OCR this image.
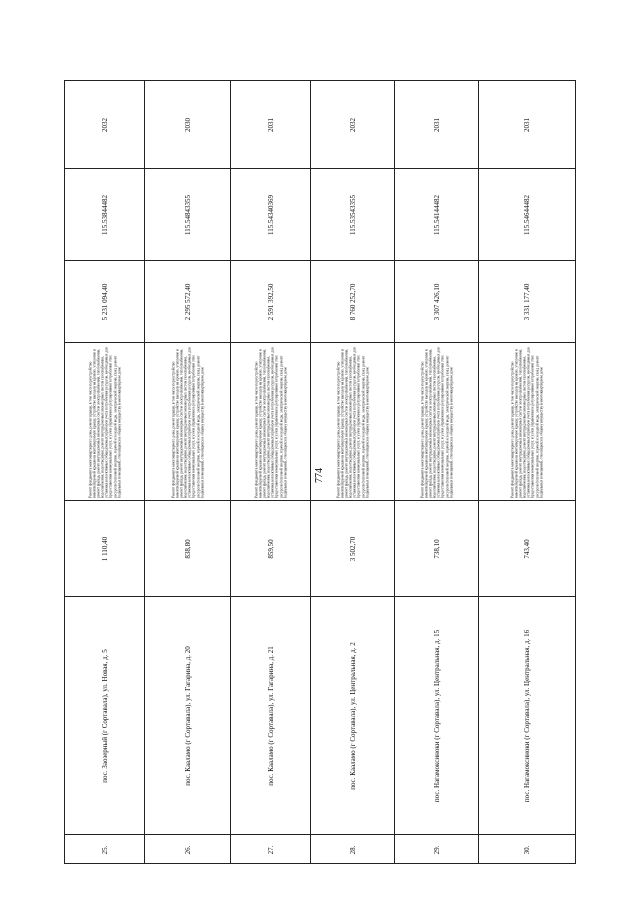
774
2032
115.53844482
5 231 094,40
Ремонт фундамента многоквартирного дома, ремонт крыши, в том числе переустройство невентилируемой крыши на вентилируемую крышу, устройство выходов на кровлю, утепление и ремонт фасада, ремонт внутридомовых инженерных систем электроснабжения, теплоснабжения, водоснабжения, водоотведения, ремонт внутридомовых инженерных систем газоснабжения, установка коллективных (общедомовых) приборов учета потребления ресурсов, необходимых для предоставления коммунальных услуг, и узлов управления и регулирования потребления этих ресурсов (тепловой энергии, горячей и холодной воды, электрической энергии, газа), ремонт подвальных помещений, относящихся к общему имуществу в многоквартирном доме
1 110,40
пос. Заозерный (г Сортавала), ул. Новая, д. 5
25.
2030
115.54843355
2 295 572,40
Ремонт фундамента многоквартирного дома, ремонт крыши, в том числе переустройство невентилируемой крыши на вентилируемую крышу, устройство выходов на кровлю, утепление и ремонт фасада, ремонт внутридомовых инженерных систем электроснабжения, теплоснабжения, водоснабжения, водоотведения, ремонт внутридомовых инженерных систем газоснабжения, установка коллективных (общедомовых) приборов учета потребления ресурсов, необходимых для предоставления коммунальных услуг, и узлов управления и регулирования потребления этих ресурсов (тепловой энергии, горячей и холодной воды, электрической энергии, газа), ремонт подвальных помещений, относящихся к общему имуществу в многоквартирном доме
838,80
пос. Кааламо (г Сортавала), ул. Гагарина, д. 20
26.
2031
115.54340369
2 591 392,50
Ремонт фундамента многоквартирного дома, ремонт крыши, в том числе переустройство невентилируемой крыши на вентилируемую крышу, устройство выходов на кровлю, утепление и ремонт фасада, ремонт внутридомовых инженерных систем электроснабжения, теплоснабжения, водоснабжения, водоотведения, ремонт внутридомовых инженерных систем газоснабжения, установка коллективных (общедомовых) приборов учета потребления ресурсов, необходимых для предоставления коммунальных услуг, и узлов управления и регулирования потребления этих ресурсов (тепловой энергии, горячей и холодной воды, электрической энергии, газа), ремонт подвальных помещений, относящихся к общему имуществу в многоквартирном доме
859,50
пос. Кааламо (г Сортавала), ул. Гагарина, д. 21
27.
2032
115.53543355
8 760 252,70
Ремонт фундамента многоквартирного дома, ремонт крыши, в том числе переустройство невентилируемой крыши на вентилируемую крышу, устройство выходов на кровлю, утепление и ремонт фасада, ремонт внутридомовых инженерных систем электроснабжения, теплоснабжения, водоснабжения, водоотведения, ремонт внутридомовых инженерных систем газоснабжения, установка коллективных (общедомовых) приборов учета потребления ресурсов, необходимых для предоставления коммунальных услуг, и узлов управления и регулирования потребления этих ресурсов (тепловой энергии, горячей и холодной воды, электрической энергии, газа), ремонт подвальных помещений, относящихся к общему имуществу в многоквартирном доме
3 502,70
пос. Кааламо (г Сортавала), ул. Центральная, д. 2
28.
2031
115.54144482
3 307 426,10
Ремонт фундамента многоквартирного дома, ремонт крыши, в том числе переустройство невентилируемой крыши на вентилируемую крышу, устройство выходов на кровлю, утепление и ремонт фасада, ремонт внутридомовых инженерных систем электроснабжения, теплоснабжения, водоснабжения, водоотведения, ремонт внутридомовых инженерных систем газоснабжения, установка коллективных (общедомовых) приборов учета потребления ресурсов, необходимых для предоставления коммунальных услуг, и узлов управления и регулирования потребления этих ресурсов (тепловой энергии, горячей и холодной воды, электрической энергии, газа), ремонт подвальных помещений, относящихся к общему имуществу в многоквартирном доме
738,10
пос. Нагамоксиноки (г Сортавала), ул. Центральная, д. 15
29.
2031
115.54644482
3 331 177,40
Ремонт фундамента многоквартирного дома, ремонт крыши, в том числе переустройство невентилируемой крыши на вентилируемую крышу, устройство выходов на кровлю, утепление и ремонт фасада, ремонт внутридомовых инженерных систем электроснабжения, теплоснабжения, водоснабжения, водоотведения, ремонт внутридомовых инженерных систем газоснабжения, установка коллективных (общедомовых) приборов учета потребления ресурсов, необходимых для предоставления коммунальных услуг, и узлов управления и регулирования потребления этих ресурсов (тепловой энергии, горячей и холодной воды, электрической энергии, газа), ремонт подвальных помещений, относящихся к общему имуществу в многоквартирном доме
743,40
пос. Нагамоксиноки (г Сортавала), ул. Центральная, д. 16
30.
